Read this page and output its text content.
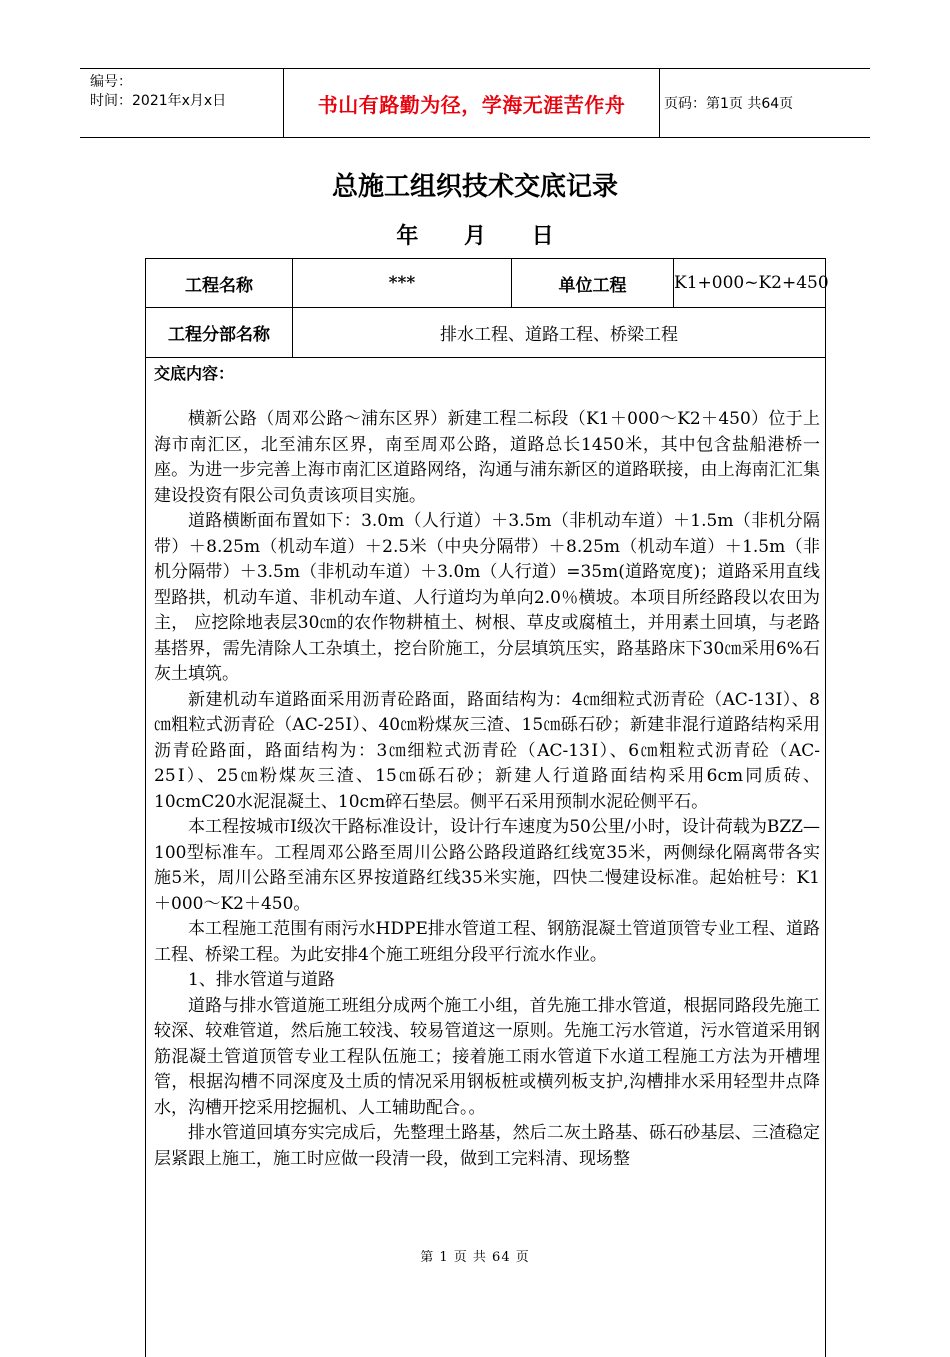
编号：
时间：2021年x月x日	书山有路勤为径，学海无涯苦作舟	页码：第1页 共64页
总施工组织技术交底记录
年 月 日
工程名称	***	单位工程	K1+000~K2+450
工程分部名称	排水工程、道路工程、桥梁工程		
交底内容：

横新公路（周邓公路～浦东区界）新建工程二标段（K1＋000～K2＋450）位于上海市南汇区，北至浦东区界，南至周邓公路，道路总长1450米，其中包含盐船港桥一座。为进一步完善上海市南汇区道路网络，沟通与浦东新区的道路联接，由上海南汇汇集建设投资有限公司负责该项目实施。

道路横断面布置如下：3.0m（人行道）＋3.5m（非机动车道）＋1.5m（非机分隔带）＋8.25m（机动车道）＋2.5米（中央分隔带）＋8.25m（机动车道）＋1.5m（非机分隔带）＋3.5m（非机动车道）＋3.0m（人行道）=35m(道路宽度)；道路采用直线型路拱，机动车道、非机动车道、人行道均为单向2.0％横坡。本项目所经路段以农田为主， 应挖除地表层30㎝的农作物耕植土、树根、草皮或腐植土，并用素土回填，与老路基搭界，需先清除人工杂填土，挖台阶施工，分层填筑压实，路基路床下30㎝采用6%石灰土填筑。

新建机动车道路面采用沥青砼路面，路面结构为：4㎝细粒式沥青砼（AC-13Ⅰ）、8㎝粗粒式沥青砼（AC-25Ⅰ）、40㎝粉煤灰三渣、15㎝砾石砂；新建非混行道路结构采用沥青砼路面，路面结构为：3㎝细粒式沥青砼（AC-13Ⅰ）、6㎝粗粒式沥青砼（AC-25Ⅰ）、25㎝粉煤灰三渣、15㎝砾石砂；新建人行道路面结构采用6cm同质砖、10cmC20水泥混凝土、10cm碎石垫层。侧平石采用预制水泥砼侧平石。

本工程按城市Ⅰ级次干路标准设计，设计行车速度为50公里/小时，设计荷载为BZZ—100型标准车。工程周邓公路至周川公路公路段道路红线宽35米，两侧绿化隔离带各实施5米，周川公路至浦东区界按道路红线35米实施，四快二慢建设标准。起始桩号：K1＋000～K2＋450。

本工程施工范围有雨污水HDPE排水管道工程、钢筋混凝土管道顶管专业工程、道路工程、桥梁工程。为此安排4个施工班组分段平行流水作业。

1、排水管道与道路

道路与排水管道施工班组分成两个施工小组，首先施工排水管道，根据同路段先施工较深、较难管道，然后施工较浅、较易管道这一原则。先施工污水管道，污水管道采用钢筋混凝土管道顶管专业工程队伍施工；接着施工雨水管道下水道工程施工方法为开槽埋管，根据沟槽不同深度及土质的情况采用钢板桩或横列板支护,沟槽排水采用轻型井点降水，沟槽开挖采用挖掘机、人工辅助配合。。

排水管道回填夯实完成后，先整理土路基，然后二灰土路基、砾石砂基层、三渣稳定层紧跟上施工，施工时应做一段清一段，做到工完料清、现场整

第 1 页 共 64 页
